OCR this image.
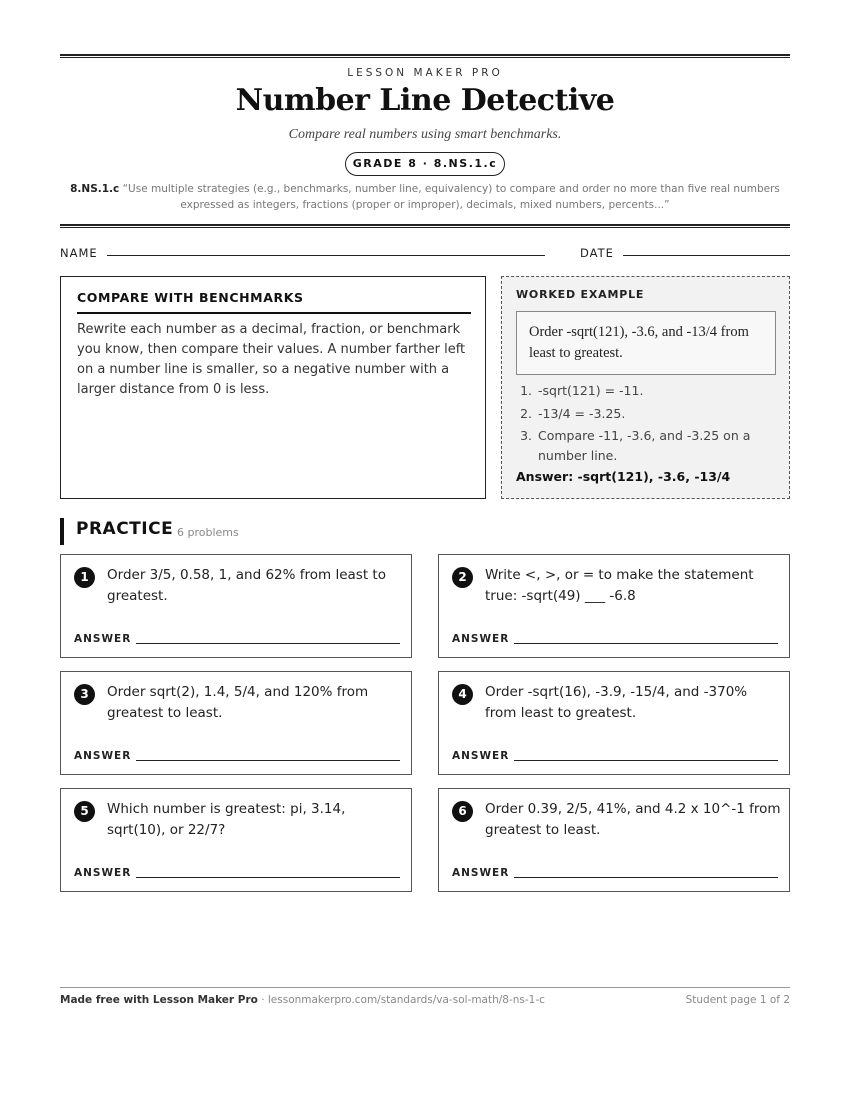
LESSON MAKER PRO
Number Line Detective
Compare real numbers using smart benchmarks.
GRADE 8 · 8.NS.1.c
8.NS.1.c “Use multiple strategies (e.g., benchmarks, number line, equivalency) to compare and order no more than five real numbers expressed as integers, fractions (proper or improper), decimals, mixed numbers, percents...”
NAME	DATE
COMPARE WITH BENCHMARKS

Rewrite each number as a decimal, fraction, or benchmark you know, then compare their values. A number farther left on a number line is smaller, so a negative number with a larger distance from 0 is less.

WORKED EXAMPLE
Order -sqrt(121), -3.6, and -13/4 from least to greatest.
1. -sqrt(121) = -11.
2. -13/4 = -3.25.
3. Compare -11, -3.6, and -3.25 on a number line.
Answer: -sqrt(121), -3.6, -13/4
PRACTICE 6 problems
1	Order 3/5, 0.58, 1, and 62% from least to greatest.
ANSWER
2	Write <, >, or = to make the statement true: -sqrt(49) ___ -6.8
ANSWER
3	Order sqrt(2), 1.4, 5/4, and 120% from greatest to least.
ANSWER
4	Order -sqrt(16), -3.9, -15/4, and -370% from least to greatest.
ANSWER
5	Which number is greatest: pi, 3.14, sqrt(10), or 22/7?
ANSWER
6	Order 0.39, 2/5, 41%, and 4.2 x 10^-1 from greatest to least.
ANSWER
Made free with Lesson Maker Pro · lessonmakerpro.com/standards/va-sol-math/8-ns-1-c	Student page 1 of 2
